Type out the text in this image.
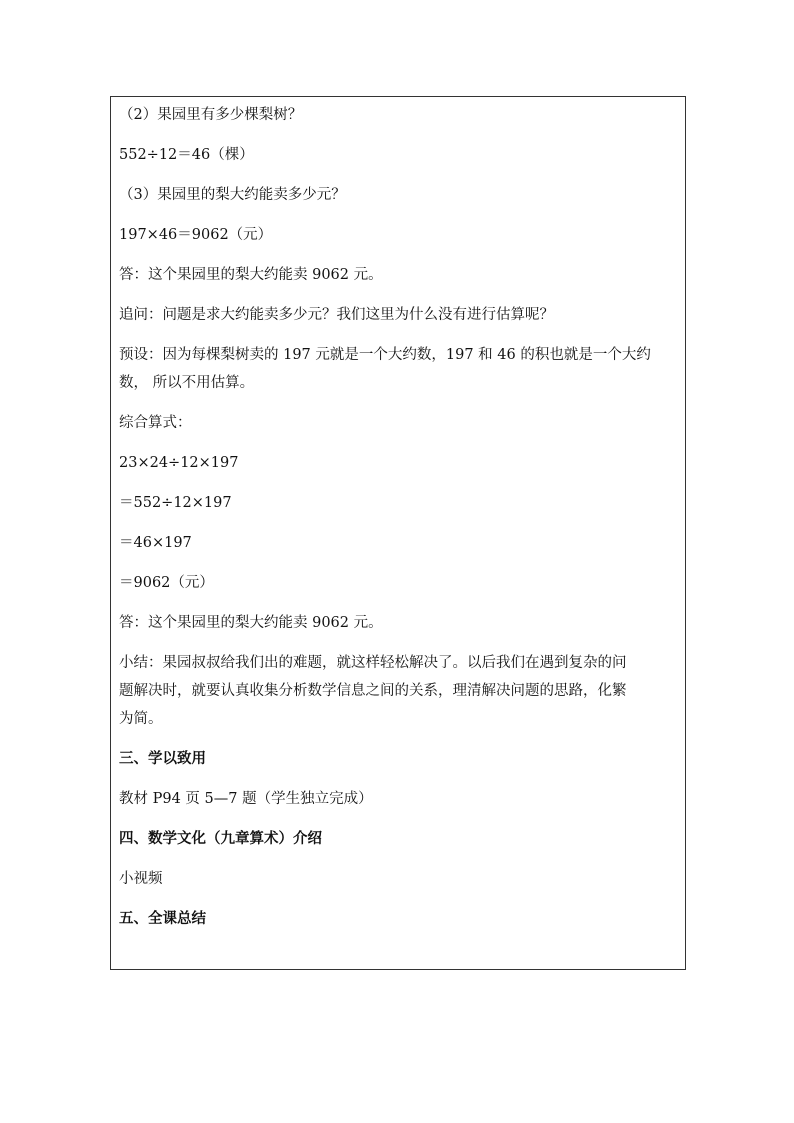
（2）果园里有多少棵梨树？
552÷12＝46（棵）
（3）果园里的梨大约能卖多少元？
197×46＝9062（元）
答：这个果园里的梨大约能卖 9062 元。
追问：问题是求大约能卖多少元？我们这里为什么没有进行估算呢？
预设：因为每棵梨树卖的 197 元就是一个大约数，197 和 46 的积也就是一个大约
数， 所以不用估算。
综合算式：
23×24÷12×197
＝552÷12×197
＝46×197
＝9062（元）
答：这个果园里的梨大约能卖 9062 元。
小结：果园叔叔给我们出的难题，就这样轻松解决了。以后我们在遇到复杂的问
题解决时，就要认真收集分析数学信息之间的关系，理清解决问题的思路，化繁
为简。
三、学以致用
教材 P94 页 5—7 题（学生独立完成）
四、数学文化（九章算术）介绍
小视频
五、全课总结
